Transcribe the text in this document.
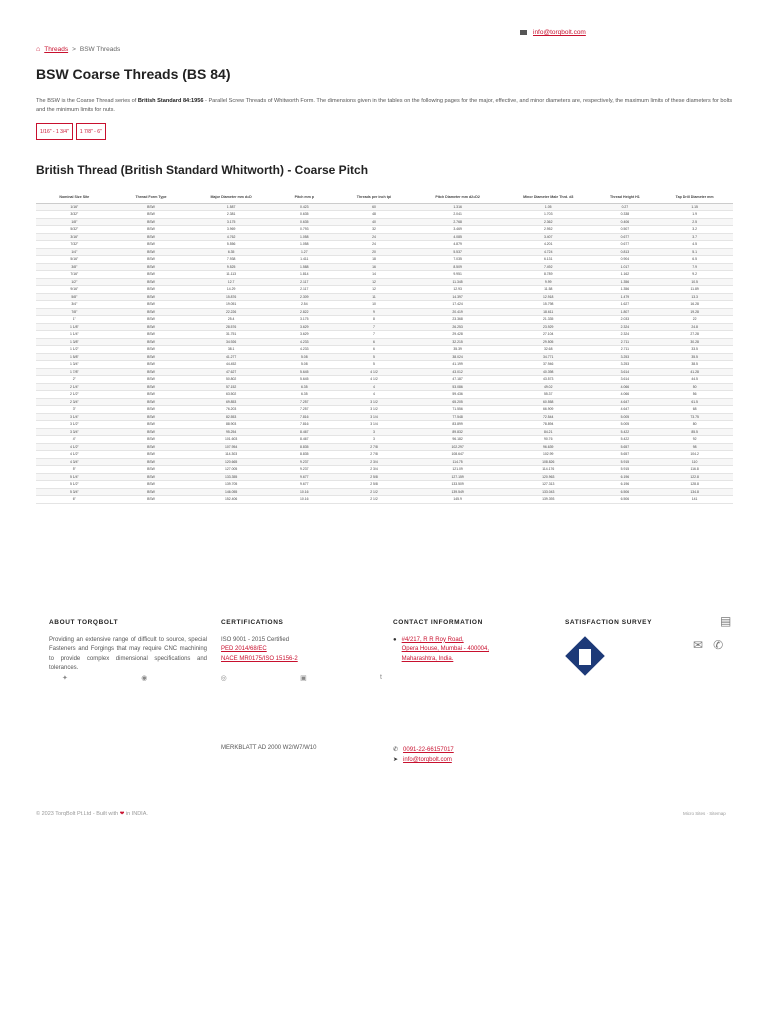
info@torqbolt.com
⌂ Threads > BSW Threads
BSW Coarse Threads (BS 84)

The BSW is the Coarse Thread series of British Standard 84:1956 - Parallel Screw Threads of Whitworth Form. The dimensions given in the tables on the following pages for the major, effective, and minor diameters are, respectively, the maximum limits of these diameters for bolts and the minimum limits for nuts.

1/16" - 1 3/4"	1 7/8" - 6"
British Thread (British Standard Whitworth) - Coarse Pitch
Nominal Size Site	Thread Form Type	Major Diameter mm d=D	Pitch mm p	Threads per inch tpi	Pitch Diameter mm d2=D2	Minor Diameter Male Thrd. d3	Thread Height H1	Tap Drill Diameter mm
1/16"	BSW	1.587	0.423	60	1.316	1.05	0.27	1.15
3/32"	BSW	2.381	0.635	48	2.041	1.703	0.338	1.9
1/8"	BSW	3.175	0.635	40	2.768	2.362	0.406	2.5
5/32"	BSW	3.969	0.793	32	3.469	2.952	0.507	3.2
3/16"	BSW	4.762	1.058	24	4.085	3.407	0.677	3.7
7/32"	BSW	5.556	1.058	24	4.879	4.201	0.677	4.5
1/4"	BSW	6.35	1.27	20	5.537	4.724	0.813	5.1
5/16"	BSW	7.938	1.411	18	7.035	6.131	0.904	6.5
3/8"	BSW	9.525	1.588	16	8.509	7.492	1.017	7.9
7/16"	BSW	11.113	1.814	14	9.951	8.789	1.162	9.2
1/2"	BSW	12.7	2.117	12	11.345	9.99	1.356	10.5
9/16"	BSW	14.29	2.117	12	12.93	11.58	1.356	11.89
5/8"	BSW	15.876	2.309	11	14.397	12.918	1.479	13.3
3/4"	BSW	19.051	2.54	10	17.424	15.798	1.627	16.28
7/8"	BSW	22.226	2.822	9	20.419	18.611	1.807	19.28
1"	BSW	25.4	3.175	8	23.368	21.335	2.033	22
1 1/8"	BSW	28.576	3.629	7	26.253	23.929	2.324	24.8
1 1/4"	BSW	31.751	3.629	7	29.428	27.104	2.324	27.28
1 3/8"	BSW	34.926	4.233	6	32.215	29.505	2.711	30.28
1 1/2"	BSW	38.1	4.233	6	35.39	32.68	2.711	33.5
1 5/8"	BSW	41.277	5.08	5	38.024	34.771	3.253	35.5
1 3/4"	BSW	44.452	5.08	5	41.199	37.946	3.253	38.5
1 7/8"	BSW	47.627	5.645	4 1/2	43.012	40.398	3.614	41.28
2"	BSW	50.802	5.645	4 1/2	47.187	43.573	3.614	44.5
2 1/4"	BSW	57.152	6.35	4	53.086	49.02	4.066	50
2 1/2"	BSW	63.502	6.35	4	59.436	55.37	4.066	56
2 3/4"	BSW	69.853	7.257	3 1/2	65.205	60.558	4.647	61.5
3"	BSW	76.203	7.257	3 1/2	71.556	66.909	4.647	68
3 1/4"	BSW	82.553	7.816	3 1/4	77.548	72.544	5.005	73.75
3 1/2"	BSW	88.903	7.816	3 1/4	83.899	78.894	5.005	80
3 3/4"	BSW	95.254	8.467	3	89.832	84.21	5.422	85.5
4"	BSW	101.603	8.467	3	96.182	90.76	5.422	92
4 1/2"	BSW	107.954	8.835	2 7/8	102.297	96.639	5.657	98
4 1/2"	BSW	114.303	8.835	2 7/8	108.647	102.99	5.657	104.2
4 3/4"	BSW	120.665	9.237	2 3/4	114.75	108.826	5.915	110
5"	BSW	127.005	9.237	2 3/4	121.09	114.176	5.915	116.8
5 1/4"	BSW	133.355	9.677	2 5/8	127.159	120.963	6.196	122.8
5 1/2"	BSW	139.705	9.677	2 5/8	133.509	127.313	6.196	128.8
5 3/4"	BSW	146.055	10.16	2 1/2	139.549	133.043	6.506	134.8
6"	BSW	152.406	10.16	2 1/2	145.9	139.393	6.506	141
ABOUT TORQBOLT

Providing an extensive range of difficult to source, special Fasteners and Forgings that may require CNC machining to provide complex dimensional specifications and tolerances.

✦	◉	◎	▣	t
CERTIFICATIONS
ISO 9001 - 2015 Certified
PED 2014/68/EC
NACE MR0175/ISO 15156-2
CONTACT INFORMATION
● #4/217, R R Roy Road,
Opera House, Mumbai - 400004,
Maharashtra, India.
SATISFACTION SURVEY	▤
✉ ✆
MERKBLATT AD 2000 W2/W7/W10	✆ 0091-22-66157017
➤ info@torqbolt.com
© 2023 TorqBolt Pt.Ltd - Built with ❤ in INDIA.	Micro Sites · Sitemap
